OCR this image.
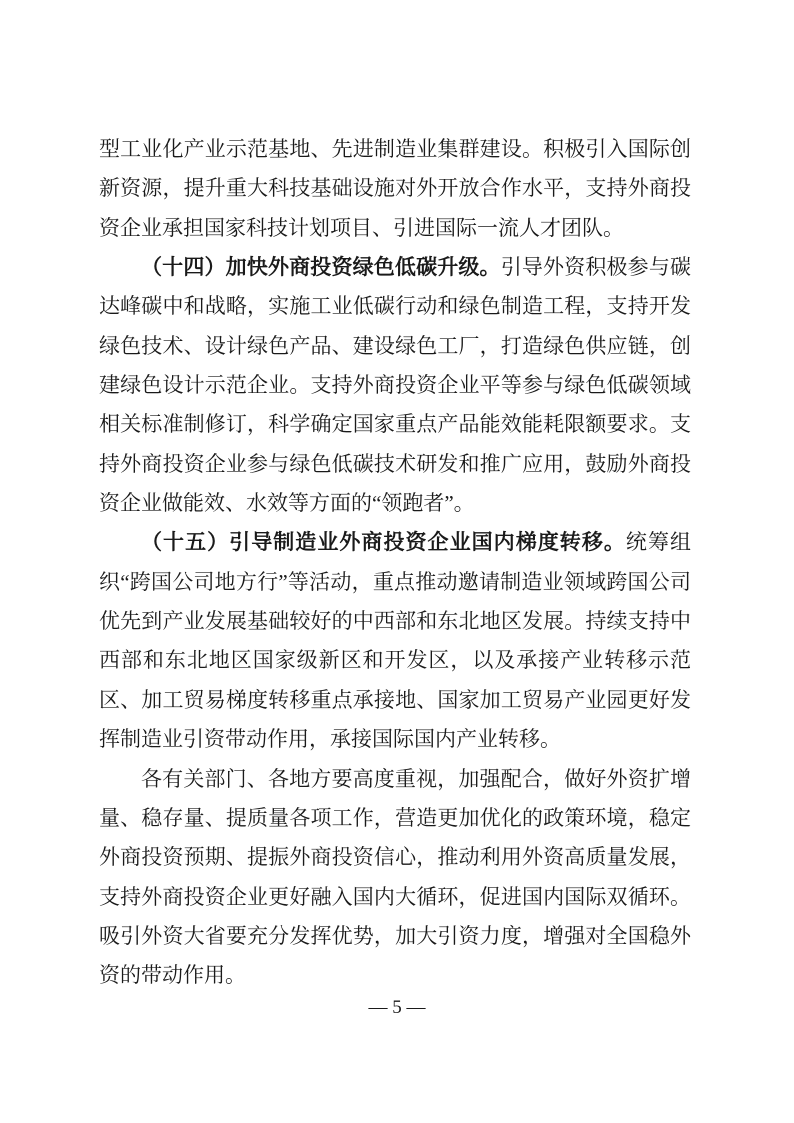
型工业化产业示范基地、先进制造业集群建设。积极引入国际创新资源，提升重大科技基础设施对外开放合作水平，支持外商投资企业承担国家科技计划项目、引进国际一流人才团队。

（十四）加快外商投资绿色低碳升级。引导外资积极参与碳达峰碳中和战略，实施工业低碳行动和绿色制造工程，支持开发绿色技术、设计绿色产品、建设绿色工厂，打造绿色供应链，创建绿色设计示范企业。支持外商投资企业平等参与绿色低碳领域相关标准制修订，科学确定国家重点产品能效能耗限额要求。支持外商投资企业参与绿色低碳技术研发和推广应用，鼓励外商投资企业做能效、水效等方面的“领跑者”。

（十五）引导制造业外商投资企业国内梯度转移。统筹组织“跨国公司地方行”等活动，重点推动邀请制造业领域跨国公司优先到产业发展基础较好的中西部和东北地区发展。持续支持中西部和东北地区国家级新区和开发区，以及承接产业转移示范区、加工贸易梯度转移重点承接地、国家加工贸易产业园更好发挥制造业引资带动作用，承接国际国内产业转移。

各有关部门、各地方要高度重视，加强配合，做好外资扩增量、稳存量、提质量各项工作，营造更加优化的政策环境，稳定外商投资预期、提振外商投资信心，推动利用外资高质量发展，支持外商投资企业更好融入国内大循环，促进国内国际双循环。吸引外资大省要充分发挥优势，加大引资力度，增强对全国稳外资的带动作用。

— 5 —
